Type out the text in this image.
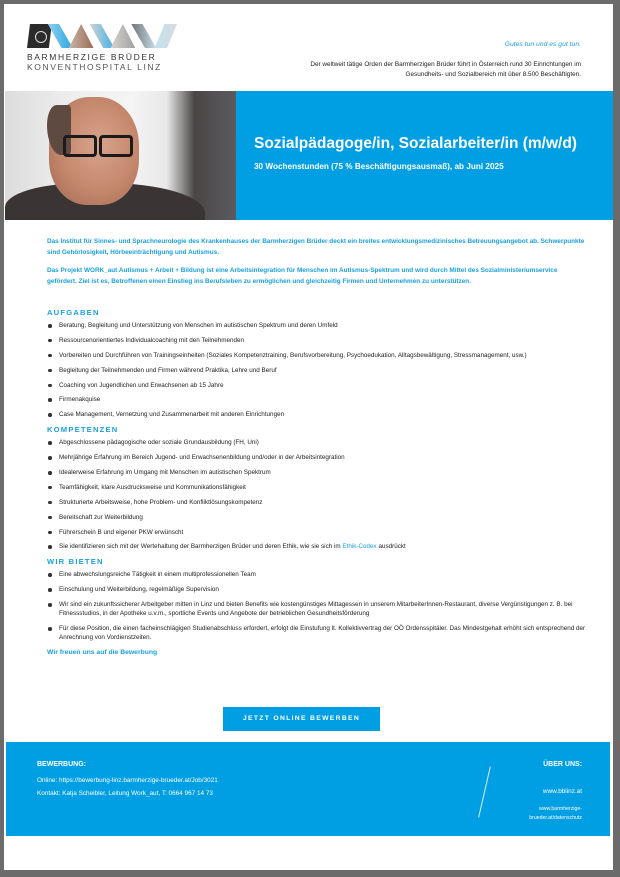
BARMHERZIGE BRÜDER
KONVENTHOSPITAL LINZ
Gutes tun und es gut tun.
Der weltweit tätige Orden der Barmherzigen Brüder führt in Österreich rund 30 Einrichtungen im Gesundheits- und Sozialbereich mit über 8.500 Beschäftigten.
Sozialpädagoge/in, Sozialarbeiter/in (m/w/d)
30 Wochenstunden (75 % Beschäftigungsausmaß), ab Juni 2025

Das Institut für Sinnes- und Sprachneurologie des Krankenhauses der Barmherzigen Brüder deckt ein breites entwicklungsmedizinisches Betreuungsangebot ab. Schwerpunkte sind Gehörlosigkeit, Hörbeeinträchtigung und Autismus.

Das Projekt WORK_aut Autismus + Arbeit + Bildung ist eine Arbeitsintegration für Menschen im Autismus-Spektrum und wird durch Mittel des Sozialministeriumservice gefördert. Ziel ist es, Betroffenen einen Einstieg ins Berufsleben zu ermöglichen und gleichzeitig Firmen und Unternehmen zu unterstützen.

AUFGABEN
Beratung, Begleitung und Unterstützung von Menschen im autistischen Spektrum und deren Umfeld
Ressourcenorientiertes Individualcoaching mit den Teilnehmenden
Vorbereiten und Durchführen von Trainingseinheiten (Soziales Kompetenztraining, Berufsvorbereitung, Psychoedukation, Alltagsbewältigung, Stressmanagement, usw.)
Begleitung der Teilnehmenden und Firmen während Praktika, Lehre und Beruf
Coaching von Jugendlichen und Erwachsenen ab 15 Jahre
Firmenakquise
Case Management, Vernetzung und Zusammenarbeit mit anderen Einrichtungen
KOMPETENZEN
Abgeschlossene pädagogische oder soziale Grundausbildung (FH, Uni)
Mehrjährige Erfahrung im Bereich Jugend- und Erwachsenenbildung und/oder in der Arbeitsintegration
Idealerweise Erfahrung im Umgang mit Menschen im autistischen Spektrum
Teamfähigkeit, klare Ausdrucksweise und Kommunikationsfähigkeit
Strukturierte Arbeitsweise, hohe Problem- und Konfliktlösungskompetenz
Bereitschaft zur Weiterbildung
Führerschein B und eigener PKW erwünscht
Sie identifizieren sich mit der Wertehaltung der Barmherzigen Brüder und deren Ethik, wie sie sich im Ethik-Codex ausdrückt
WIR BIETEN
Eine abwechslungsreiche Tätigkeit in einem multiprofessionellen Team
Einschulung und Weiterbildung, regelmäßige Supervision
Wir sind ein zukunftssicherer Arbeitgeber mitten in Linz und bieten Benefits wie kostengünstiges Mittagessen in unserem MitarbeiterInnen-Restaurant, diverse Vergünstigungen z. B. bei Fitnessstudios, in der Apotheke u.v.m., sportliche Events und Angebote der betrieblichen Gesundheitsförderung
Für diese Position, die einen facheinschlägigen Studienabschluss erfordert, erfolgt die Einstufung lt. Kollektivvertrag der OÖ Ordensspitäler. Das Mindestgehalt erhöht sich entsprechend der Anrechnung von Vordienstzeiten.
Wir freuen uns auf die Bewerbung
JETZT ONLINE BEWERBEN
BEWERBUNG:
Online: https://bewerbung-linz.barmherzige-brueder.at/Job/3021
Kontakt: Katja Scheibler, Leitung Work_aut, T: 0664 967 14 73
ÜBER UNS:
www.bblinz.at
www.barmherzige-
brueder.at/datenschutz
